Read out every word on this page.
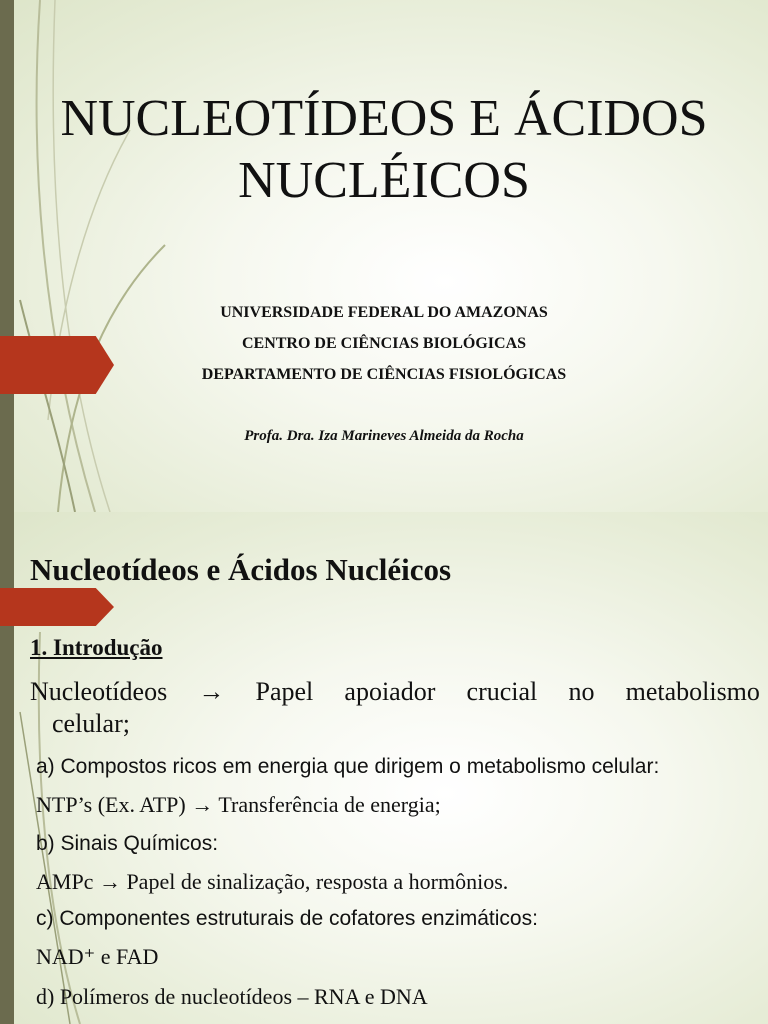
NUCLEOTÍDEOS E ÁCIDOS
NUCLÉICOS
UNIVERSIDADE FEDERAL DO AMAZONAS
CENTRO DE CIÊNCIAS BIOLÓGICAS
DEPARTAMENTO DE CIÊNCIAS FISIOLÓGICAS
Profa. Dra. Iza Marineves Almeida da Rocha
Nucleotídeos e Ácidos Nucléicos
1. Introdução
Nucleotídeos → Papel apoiador crucial no metabolismo
celular;
a) Compostos ricos em energia que dirigem o metabolismo celular:
NTP’s (Ex. ATP) → Transferência de energia;
b) Sinais Químicos:
AMPc → Papel de sinalização, resposta a hormônios.
c) Componentes estruturais de cofatores enzimáticos:
NAD⁺ e FAD
d) Polímeros de nucleotídeos – RNA e DNA
